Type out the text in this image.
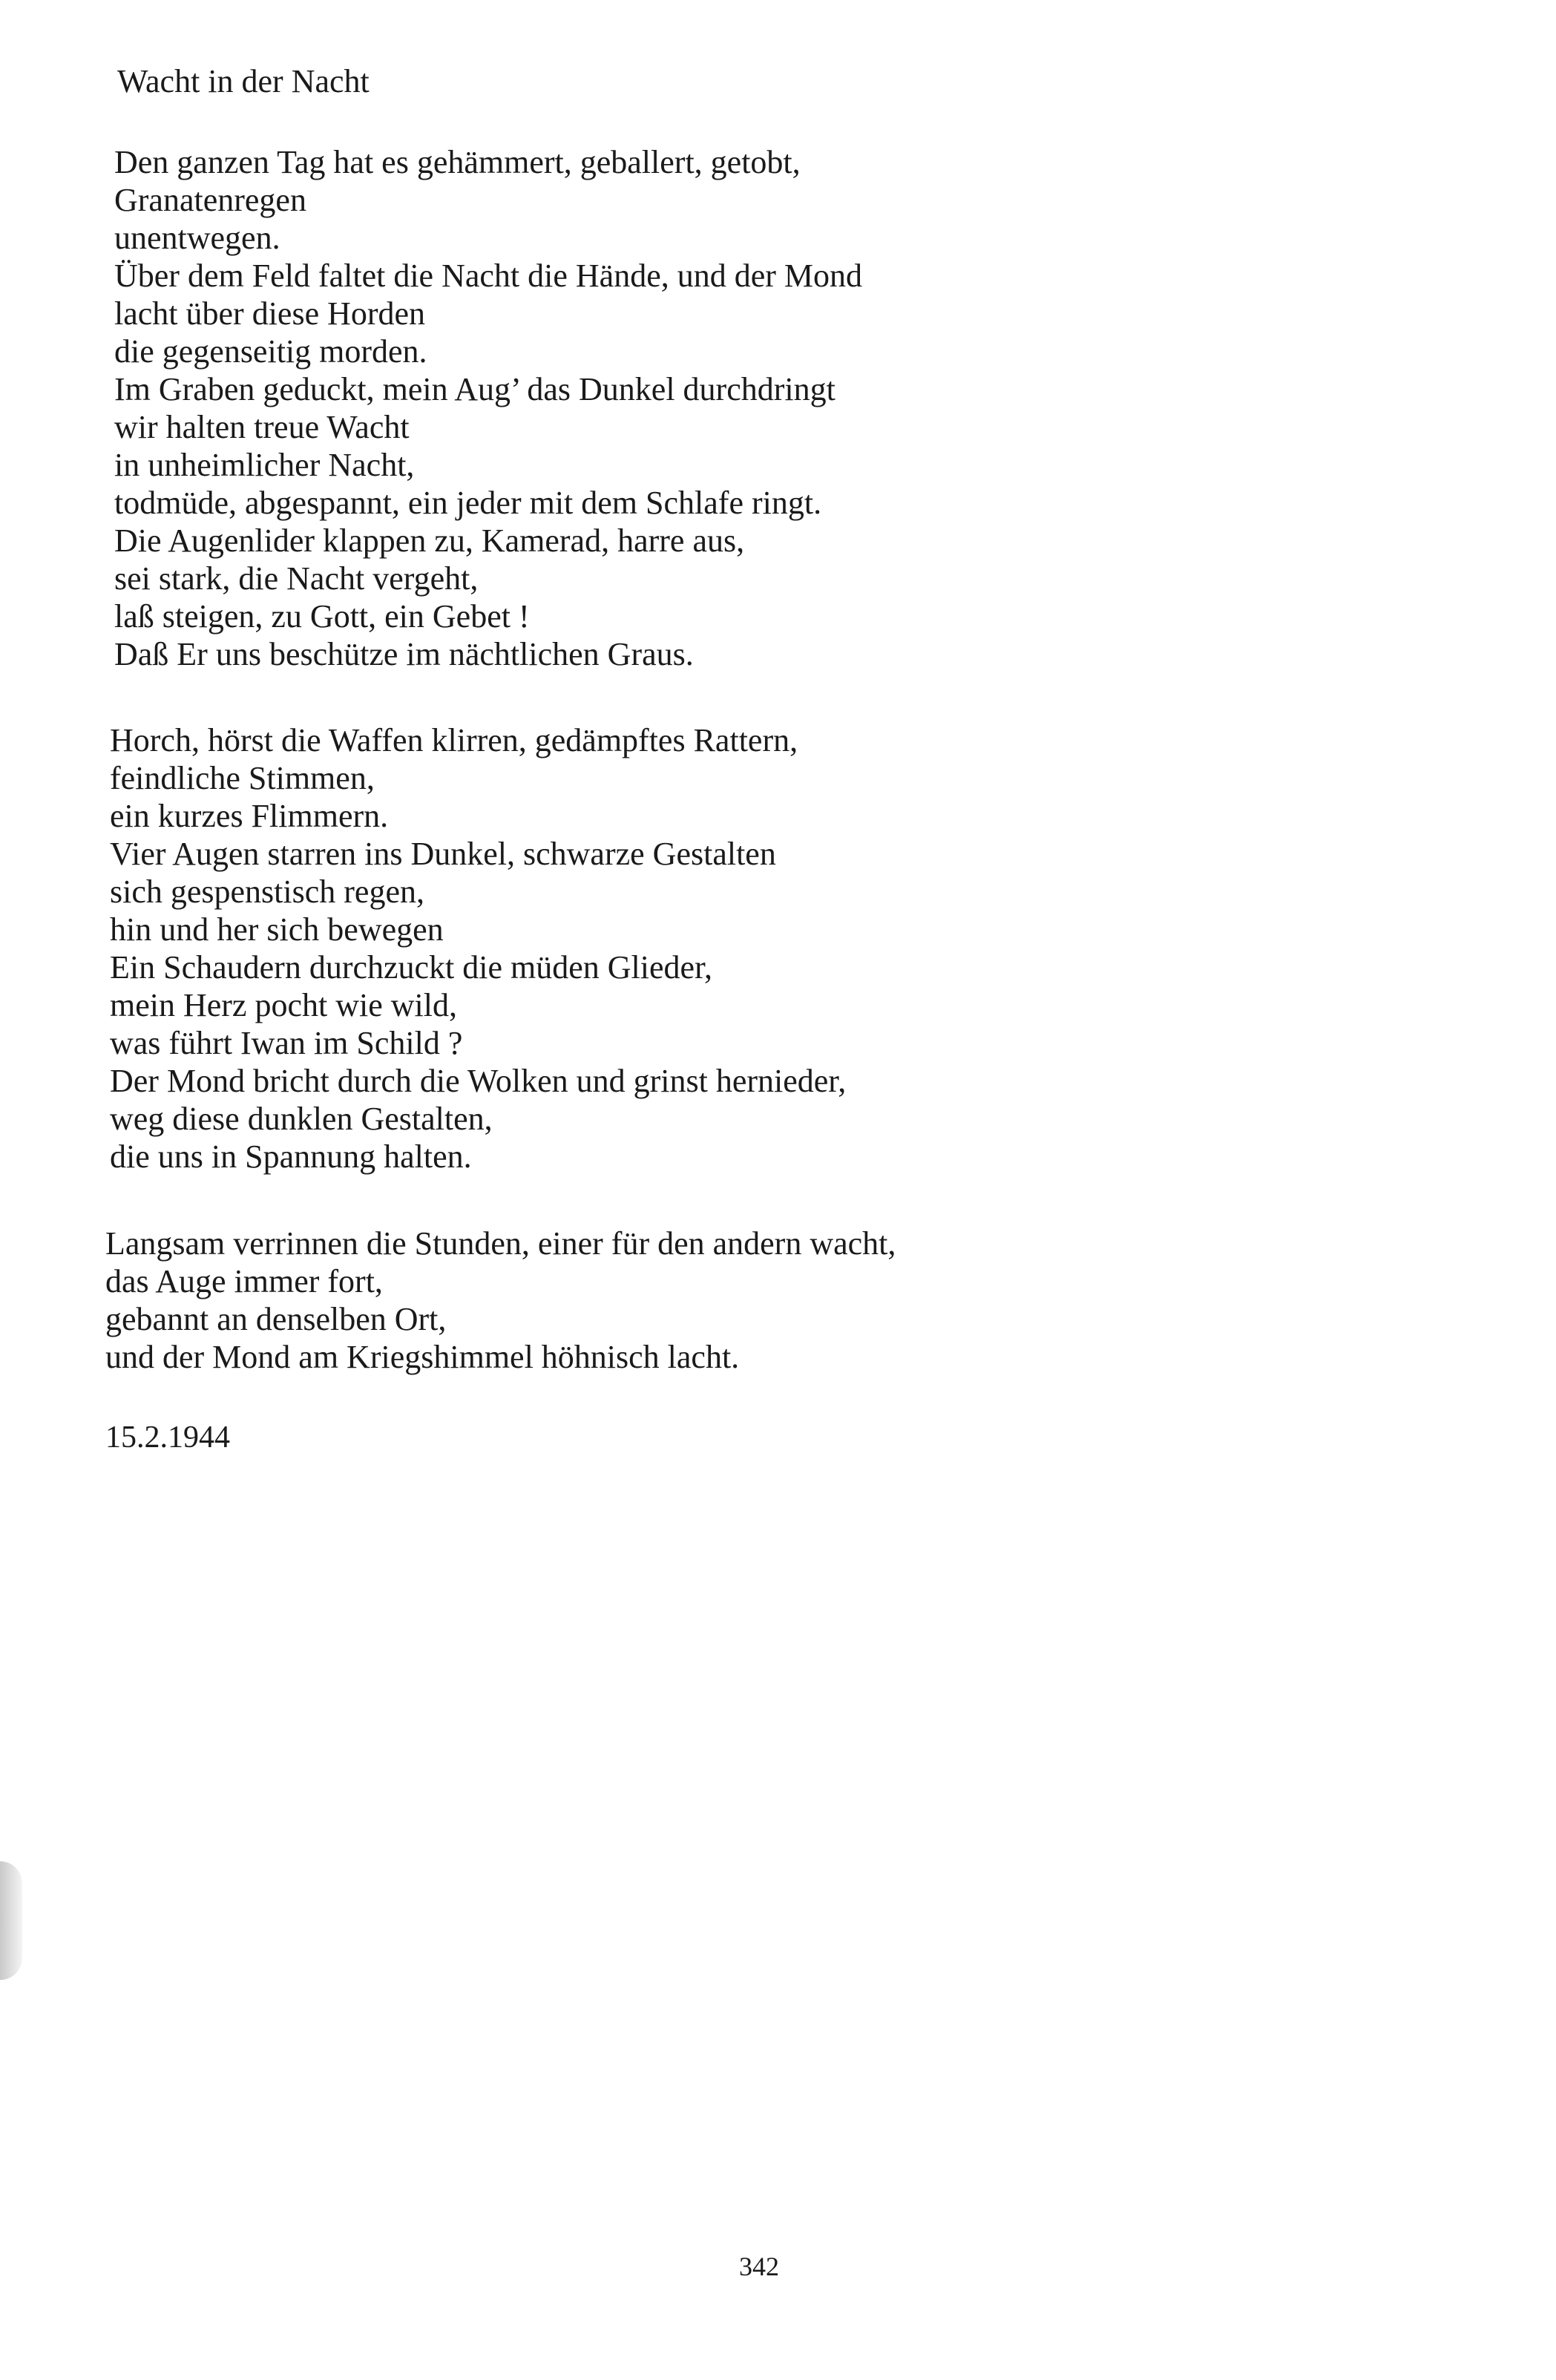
Wacht in der Nacht
Den ganzen Tag hat es gehämmert, geballert, getobt,
Granatenregen
unentwegen.
Über dem Feld faltet die Nacht die Hände, und der Mond
lacht über diese Horden
die gegenseitig morden.
Im Graben geduckt, mein Aug’ das Dunkel durchdringt
wir halten treue Wacht
in unheimlicher Nacht,
todmüde, abgespannt, ein jeder mit dem Schlafe ringt.
Die Augenlider klappen zu, Kamerad, harre aus,
sei stark, die Nacht vergeht,
laß steigen, zu Gott, ein Gebet !
Daß Er uns beschütze im nächtlichen Graus.
Horch, hörst die Waffen klirren, gedämpftes Rattern,
feindliche Stimmen,
ein kurzes Flimmern.
Vier Augen starren ins Dunkel, schwarze Gestalten
sich gespenstisch regen,
hin und her sich bewegen
Ein Schaudern durchzuckt die müden Glieder,
mein Herz pocht wie wild,
was führt Iwan im Schild ?
Der Mond bricht durch die Wolken und grinst hernieder,
weg diese dunklen Gestalten,
die uns in Spannung halten.
Langsam verrinnen die Stunden, einer für den andern wacht,
das Auge immer fort,
gebannt an denselben Ort,
und der Mond am Kriegshimmel höhnisch lacht.
15.2.1944
342
